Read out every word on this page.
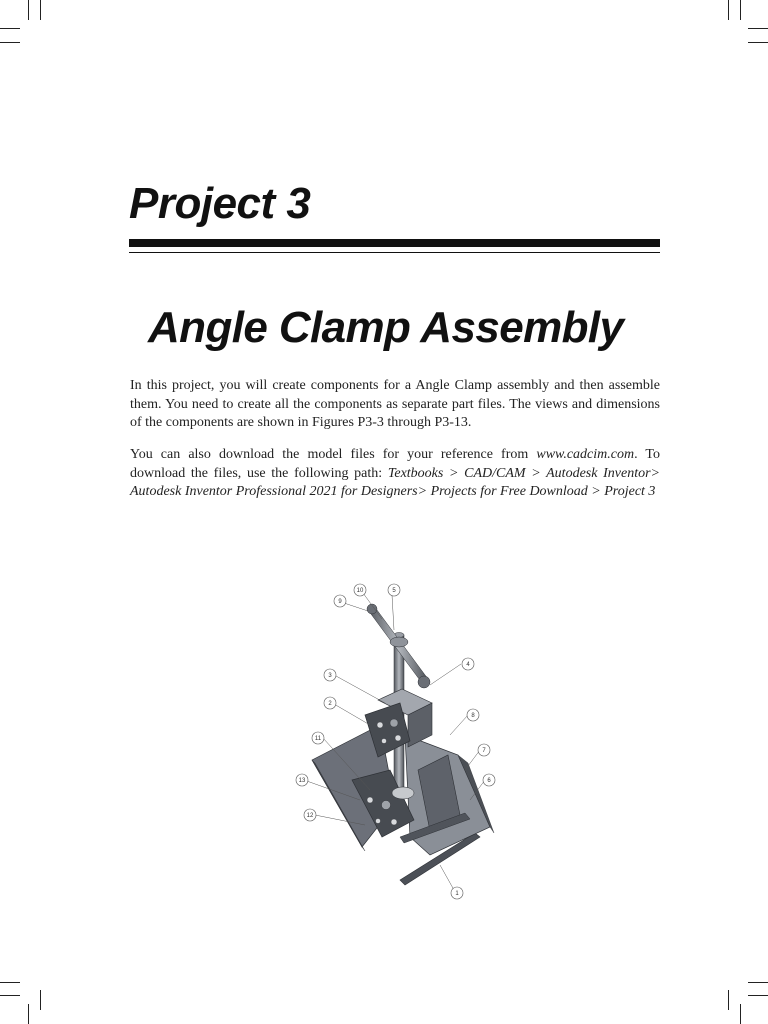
Project 3
Angle Clamp Assembly

In this project, you will create components for a Angle Clamp assembly and then assemble them. You need to create all the components as separate part files. The views and dimensions of the components are shown in Figures P3-3 through P3-13.

You can also download the model files for your reference from www.cadcim.com. To download the files, use the following path: Textbooks > CAD/CAM > Autodesk Inventor> Autodesk Inventor Professional 2021 for Designers> Projects for Free Download > Project 3

10	5
9
4
3
2
8
11
7
13	6
12
1
